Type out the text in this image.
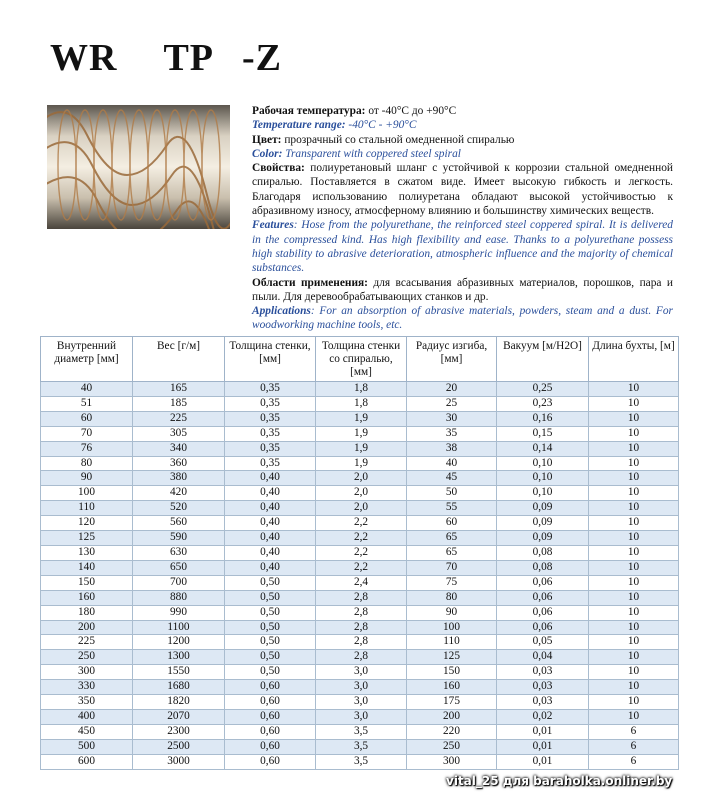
WR TP -Z

Рабочая температура: от -40°С до +90°С

Temperature range: -40°C - +90°C

Цвет: прозрачный со стальной омедненной спиралью

Color: Transparent with coppered steel spiral

Свойства: полиуретановый шланг с устойчивой к коррозии стальной омедненной спиралью. Поставляется в сжатом виде. Имеет высокую гибкость и легкость. Благодаря использованию полиуретана обладают высокой устойчивостью к абразивному износу, атмосферному влиянию и большинству химических веществ.

Features: Hose from the polyurethane, the reinforced steel coppered spiral. It is delivered in the compressed kind. Has high flexibility and ease. Thanks to a polyurethane possess high stability to abrasive deterioration, atmospheric influence and the majority of chemical substances.

Области применения: для всасывания абразивных материалов, порошков, пара и пыли. Для деревообрабатывающих станков и др.

Applications: For an absorption of abrasive materials, powders, steam and a dust. For woodworking machine tools, etc.

Внутренний диаметр [мм]	Вес [г/м]	Толщина стенки, [мм]	Толщина стенки со спиралью, [мм]	Радиус изгиба, [мм]	Вакуум [м/H2O]	Длина бухты, [м]
40	165	0,35	1,8	20	0,25	10
51	185	0,35	1,8	25	0,23	10
60	225	0,35	1,9	30	0,16	10
70	305	0,35	1,9	35	0,15	10
76	340	0,35	1,9	38	0,14	10
80	360	0,35	1,9	40	0,10	10
90	380	0,40	2,0	45	0,10	10
100	420	0,40	2,0	50	0,10	10
110	520	0,40	2,0	55	0,09	10
120	560	0,40	2,2	60	0,09	10
125	590	0,40	2,2	65	0,09	10
130	630	0,40	2,2	65	0,08	10
140	650	0,40	2,2	70	0,08	10
150	700	0,50	2,4	75	0,06	10
160	880	0,50	2,8	80	0,06	10
180	990	0,50	2,8	90	0,06	10
200	1100	0,50	2,8	100	0,06	10
225	1200	0,50	2,8	110	0,05	10
250	1300	0,50	2,8	125	0,04	10
300	1550	0,50	3,0	150	0,03	10
330	1680	0,60	3,0	160	0,03	10
350	1820	0,60	3,0	175	0,03	10
400	2070	0,60	3,0	200	0,02	10
450	2300	0,60	3,5	220	0,01	6
500	2500	0,60	3,5	250	0,01	6
600	3000	0,60	3,5	300	0,01	6
vital_25 для baraholka.onliner.by
